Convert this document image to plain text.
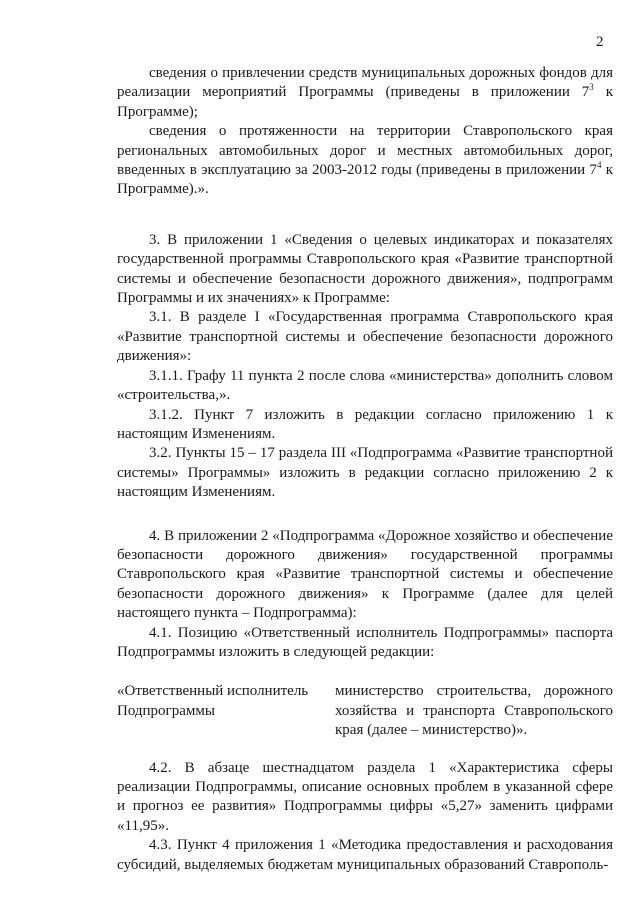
2

сведения о привлечении средств муниципальных дорожных фондов для реализации мероприятий Программы (приведены в приложении $7^3$ к Программе);

сведения о протяженности на территории Ставропольского края региональных автомобильных дорог и местных автомобильных дорог, введенных в эксплуатацию за 2003-2012 годы (приведены в приложении $7^4$ к Программе).».

3. В приложении 1 «Сведения о целевых индикаторах и показателях государственной программы Ставропольского края «Развитие транспортной системы и обеспечение безопасности дорожного движения», подпрограмм Программы и их значениях» к Программе:

3.1. В разделе I «Государственная программа Ставропольского края «Развитие транспортной системы и обеспечение безопасности дорожного движения»:

3.1.1. Графу 11 пункта 2 после слова «министерства» дополнить словом «строительства,».

3.1.2. Пункт 7 изложить в редакции согласно приложению 1 к настоящим Изменениям.

3.2. Пункты 15 – 17 раздела III «Подпрограмма «Развитие транспортной системы» Программы» изложить в редакции согласно приложению 2 к настоящим Изменениям.

4. В приложении 2 «Подпрограмма «Дорожное хозяйство и обеспечение безопасности дорожного движения» государственной программы Ставропольского края «Развитие транспортной системы и обеспечение безопасности дорожного движения» к Программе (далее для целей настоящего пункта – Подпрограмма):

4.1. Позицию «Ответственный исполнитель Подпрограммы» паспорта Подпрограммы изложить в следующей редакции:

«Ответственный исполнитель Подпрограммы
министерство строительства, дорожного хозяйства и транспорта Ставропольского края (далее – министерство)».

4.2. В абзаце шестнадцатом раздела 1 «Характеристика сферы реализации Подпрограммы, описание основных проблем в указанной сфере и прогноз ее развития» Подпрограммы цифры «5,27» заменить цифрами «11,95».

4.3. Пункт 4 приложения 1 «Методика предоставления и расходования субсидий, выделяемых бюджетам муниципальных образований Ставрополь-
